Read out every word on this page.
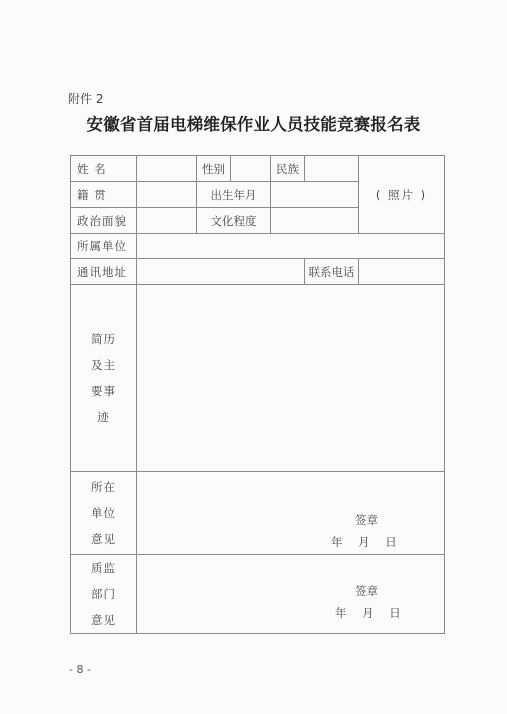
附件 2
安徽省首届电梯维保作业人员技能竞赛报名表
姓 名		性别		民族		( 照片 )
籍 贯		出生年月				
政治面貌		文化程度				
所属单位						
通讯地址					联系电话	

简历
及主
要事
迹						

所在
单位
意见	签章
年 月 日					

质监
部门
意见	签章
年 月 日					
- 8 -
